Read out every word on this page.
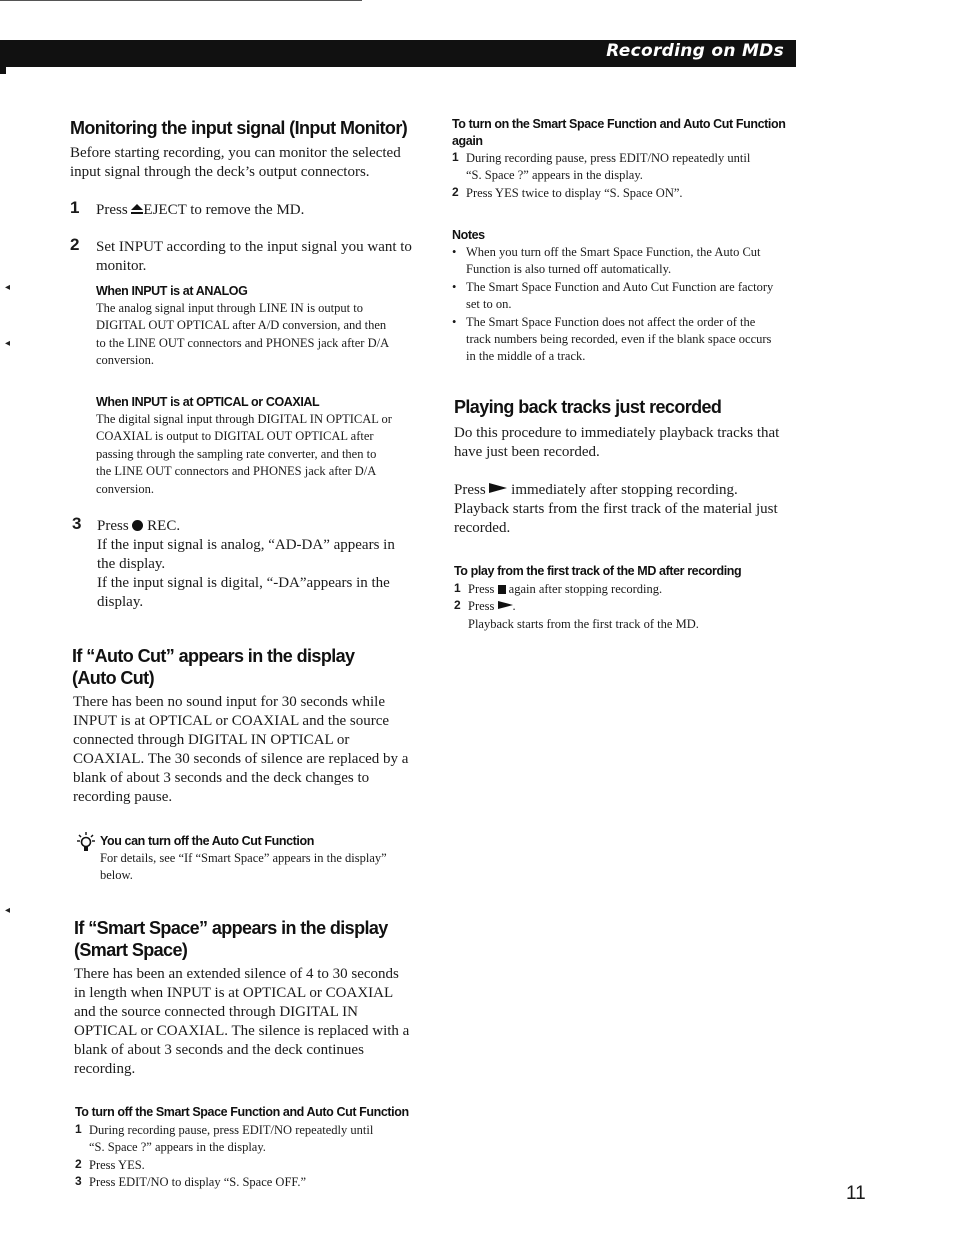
Recording on MDs
◂
◂
◂
Monitoring the input signal (Input Monitor)

Before starting recording, you can monitor the selected

input signal through the deck’s output connectors.

1 Press EJECT to remove the MD.

2 Set INPUT according to the input signal you want to

monitor.

When INPUT is at ANALOG

The analog signal input through LINE IN is output to

DIGITAL OUT OPTICAL after A/D conversion, and then

to the LINE OUT connectors and PHONES jack after D/A

conversion.

When INPUT is at OPTICAL or COAXIAL

The digital signal input through DIGITAL IN OPTICAL or

COAXIAL is output to DIGITAL OUT OPTICAL after

passing through the sampling rate converter, and then to

the LINE OUT connectors and PHONES jack after D/A

conversion.

3 Press  REC.

If the input signal is analog, “AD-DA” appears in

the display.

If the input signal is digital, “-DA”appears in the

display.

If “Auto Cut” appears in the display

(Auto Cut)

There has been no sound input for 30 seconds while

INPUT is at OPTICAL or COAXIAL and the source

connected through DIGITAL IN OPTICAL or

COAXIAL. The 30 seconds of silence are replaced by a

blank of about 3 seconds and the deck changes to

recording pause.

You can turn off the Auto Cut Function

For details, see “If “Smart Space” appears in the display”

below.

If “Smart Space” appears in the display

(Smart Space)

There has been an extended silence of 4 to 30 seconds

in length when INPUT is at OPTICAL or COAXIAL

and the source connected through DIGITAL IN

OPTICAL or COAXIAL. The silence is replaced with a

blank of about 3 seconds and the deck continues

recording.

To turn off the Smart Space Function and Auto Cut Function
1 During recording pause, press EDIT/NO repeatedly until

“S. Space ?” appears in the display.

2 Press YES.

3 Press EDIT/NO to display “S. Space OFF.”

To turn on the Smart Space Function and Auto Cut Function

again

1 During recording pause, press EDIT/NO repeatedly until

“S. Space ?” appears in the display.

2 Press YES twice to display “S. Space ON”.

Notes
• When you turn off the Smart Space Function, the Auto Cut

Function is also turned off automatically.

• The Smart Space Function and Auto Cut Function are factory

set to on.

• The Smart Space Function does not affect the order of the

track numbers being recorded, even if the blank space occurs

in the middle of a track.

Playing back tracks just recorded

Do this procedure to immediately playback tracks that

have just been recorded.

Press  immediately after stopping recording.

Playback starts from the first track of the material just

recorded.

To play from the first track of the MD after recording
1 Press  again after stopping recording.

2 Press .

Playback starts from the first track of the MD.

11
